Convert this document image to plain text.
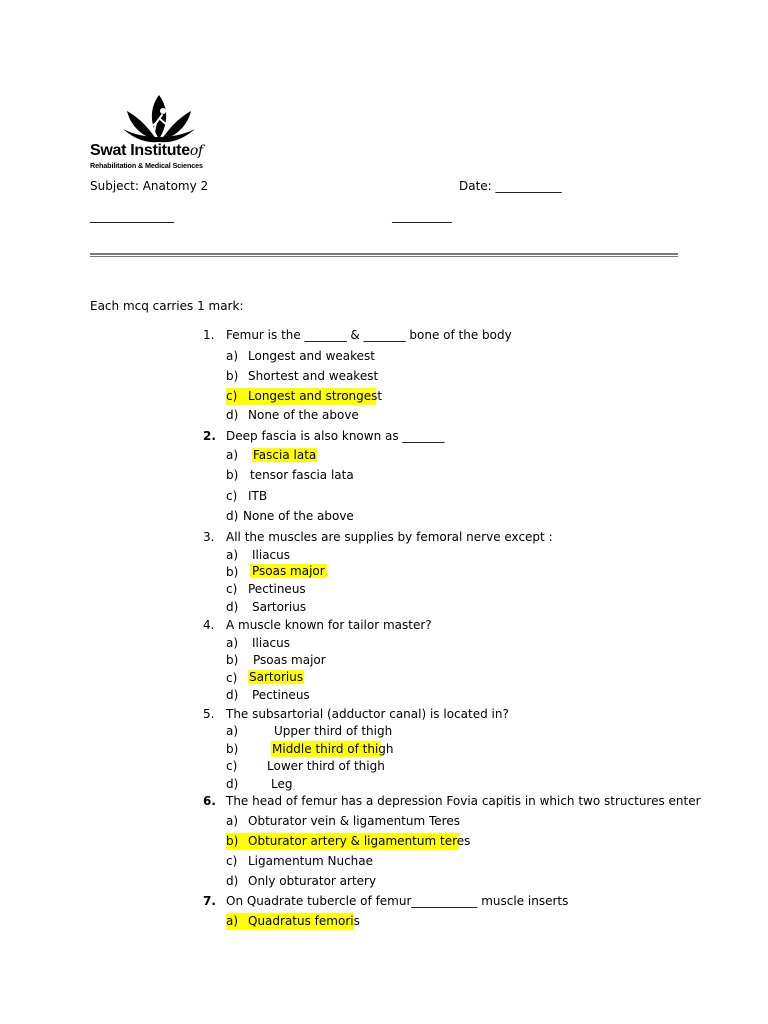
Swat Instituteof
Rehabilitation & Medical Sciences
Subject: Anatomy 2	Date: ___________
______________	__________
Each mcq carries 1 mark:
1. Femur is the _______ & _______ bone of the body
a) Longest and weakest
b) Shortest and weakest
c) Longest and strongest
d) None of the above
2. Deep fascia is also known as _______
a) Fascia lata
b) tensor fascia lata
c) ITB
d) None of the above
3. All the muscles are supplies by femoral nerve except :
a) Iliacus
b) Psoas major
c) Pectineus
d) Sartorius
4. A muscle known for tailor master?
a) Iliacus
b) Psoas major
c) Sartorius
d) Pectineus
5. The subsartorial (adductor canal) is located in?
a)	Upper third of thigh
b)	Middle third of thigh
c) Lower third of thigh
d)	Leg
6. The head of femur has a depression Fovia capitis in which two structures enter
a) Obturator vein & ligamentum Teres
b) Obturator artery & ligamentum teres
c) Ligamentum Nuchae
d) Only obturator artery
7. On Quadrate tubercle of femur___________ muscle inserts
a) Quadratus femoris
